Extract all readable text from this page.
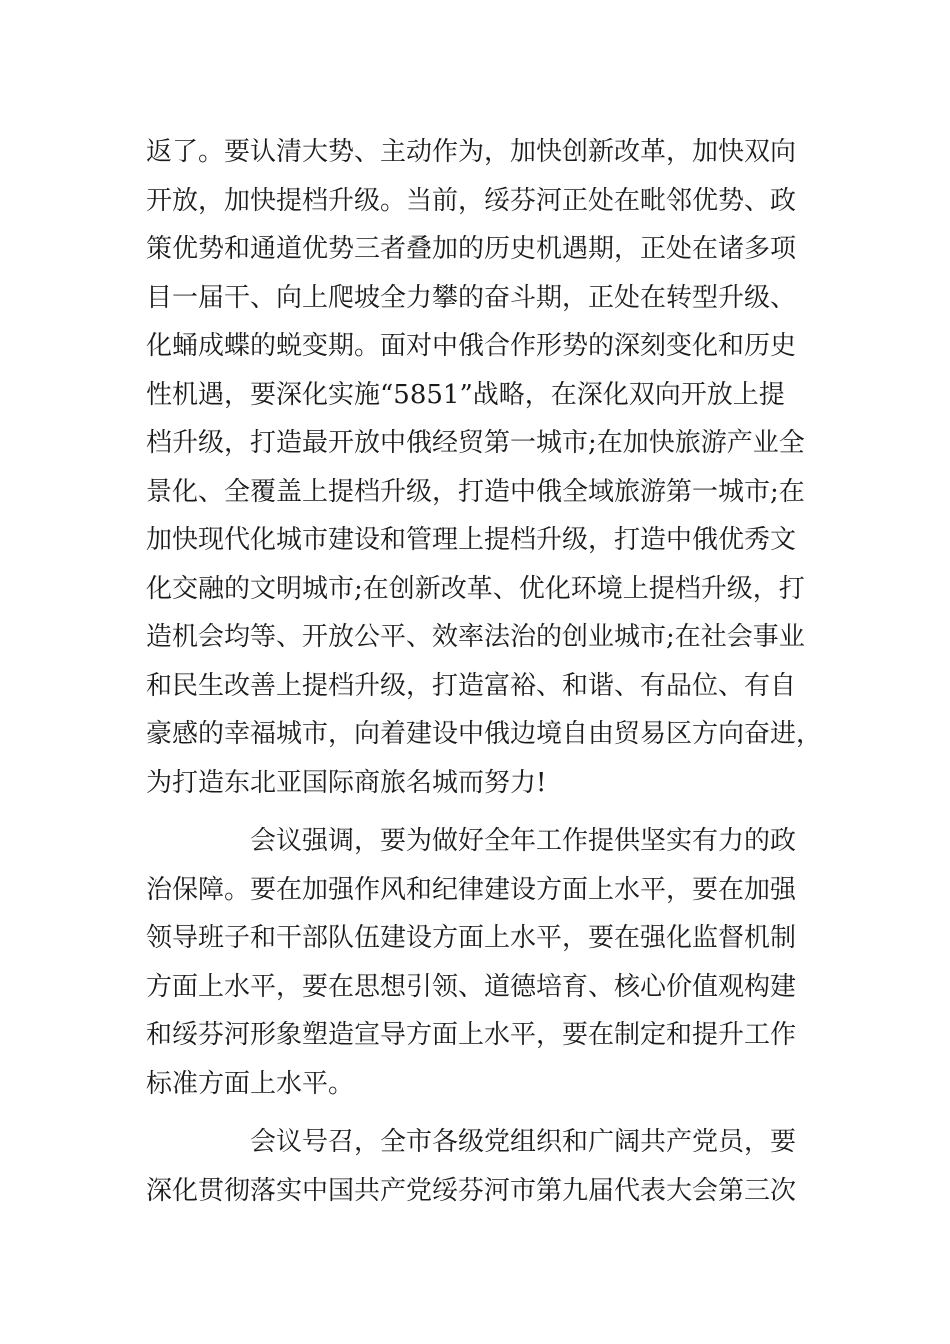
返了。要认清大势、主动作为，加快创新改革，加快双向
开放，加快提档升级。当前，绥芬河正处在毗邻优势、政
策优势和通道优势三者叠加的历史机遇期，正处在诸多项
目一届干、向上爬坡全力攀的奋斗期，正处在转型升级、
化蛹成蝶的蜕变期。面对中俄合作形势的深刻变化和历史
性机遇，要深化实施“5851”战略，在深化双向开放上提
档升级，打造最开放中俄经贸第一城市;在加快旅游产业全
景化、全覆盖上提档升级，打造中俄全域旅游第一城市;在
加快现代化城市建设和管理上提档升级，打造中俄优秀文
化交融的文明城市;在创新改革、优化环境上提档升级，打
造机会均等、开放公平、效率法治的创业城市;在社会事业
和民生改善上提档升级，打造富裕、和谐、有品位、有自
豪感的幸福城市，向着建设中俄边境自由贸易区方向奋进，
为打造东北亚国际商旅名城而努力!
会议强调，要为做好全年工作提供坚实有力的政
治保障。要在加强作风和纪律建设方面上水平，要在加强
领导班子和干部队伍建设方面上水平，要在强化监督机制
方面上水平，要在思想引领、道德培育、核心价值观构建
和绥芬河形象塑造宣导方面上水平，要在制定和提升工作
标准方面上水平。
会议号召，全市各级党组织和广阔共产党员，要
深化贯彻落实中国共产党绥芬河市第九届代表大会第三次
